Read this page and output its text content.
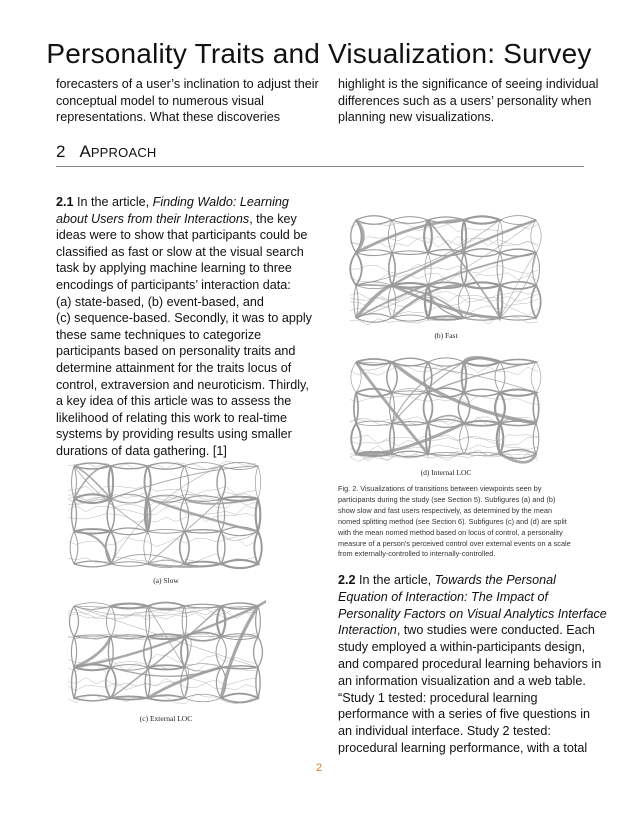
Personality Traits and Visualization: Survey
forecasters of a user’s inclination to adjust their
conceptual model to numerous visual
representations. What these discoveries
highlight is the significance of seeing individual
differences such as a users’ personality when
planning new visualizations.
2 APPROACH
2.1 In the article, Finding Waldo: Learning
about Users from their Interactions, the key
ideas were to show that participants could be
classified as fast or slow at the visual search
task by applying machine learning to three
encodings of participants’ interaction data:
(a) state-based, (b) event-based, and
(c) sequence-based. Secondly, it was to apply
these same techniques to categorize
participants based on personality traits and
determine attainment for the traits locus of
control, extraversion and neuroticism. Thirdly,
a key idea of this article was to assess the
likelihood of relating this work to real-time
systems by providing results using smaller
durations of data gathering. [1]
(a) Slow
(c) External LOC
(b) Fast
(d) Internal LOC
Fig. 2. Visualizations of transitions between viewpoints seen by
participants during the study (see Section 5). Subfigures (a) and (b)
show slow and fast users respectively, as determined by the mean
nomed splitting method (see Section 6). Subfigures (c) and (d) are split
with the mean nomed method based on locus of control, a personality
measure of a person’s perceived control over external events on a scale
from externally-controlled to internally-controlled.
2.2 In the article, Towards the Personal
Equation of Interaction: The Impact of
Personality Factors on Visual Analytics Interface
Interaction, two studies were conducted. Each
study employed a within-participants design,
and compared procedural learning behaviors in
an information visualization and a web table.
“Study 1 tested: procedural learning
performance with a series of five questions in
an individual interface. Study 2 tested:
procedural learning performance, with a total
2
